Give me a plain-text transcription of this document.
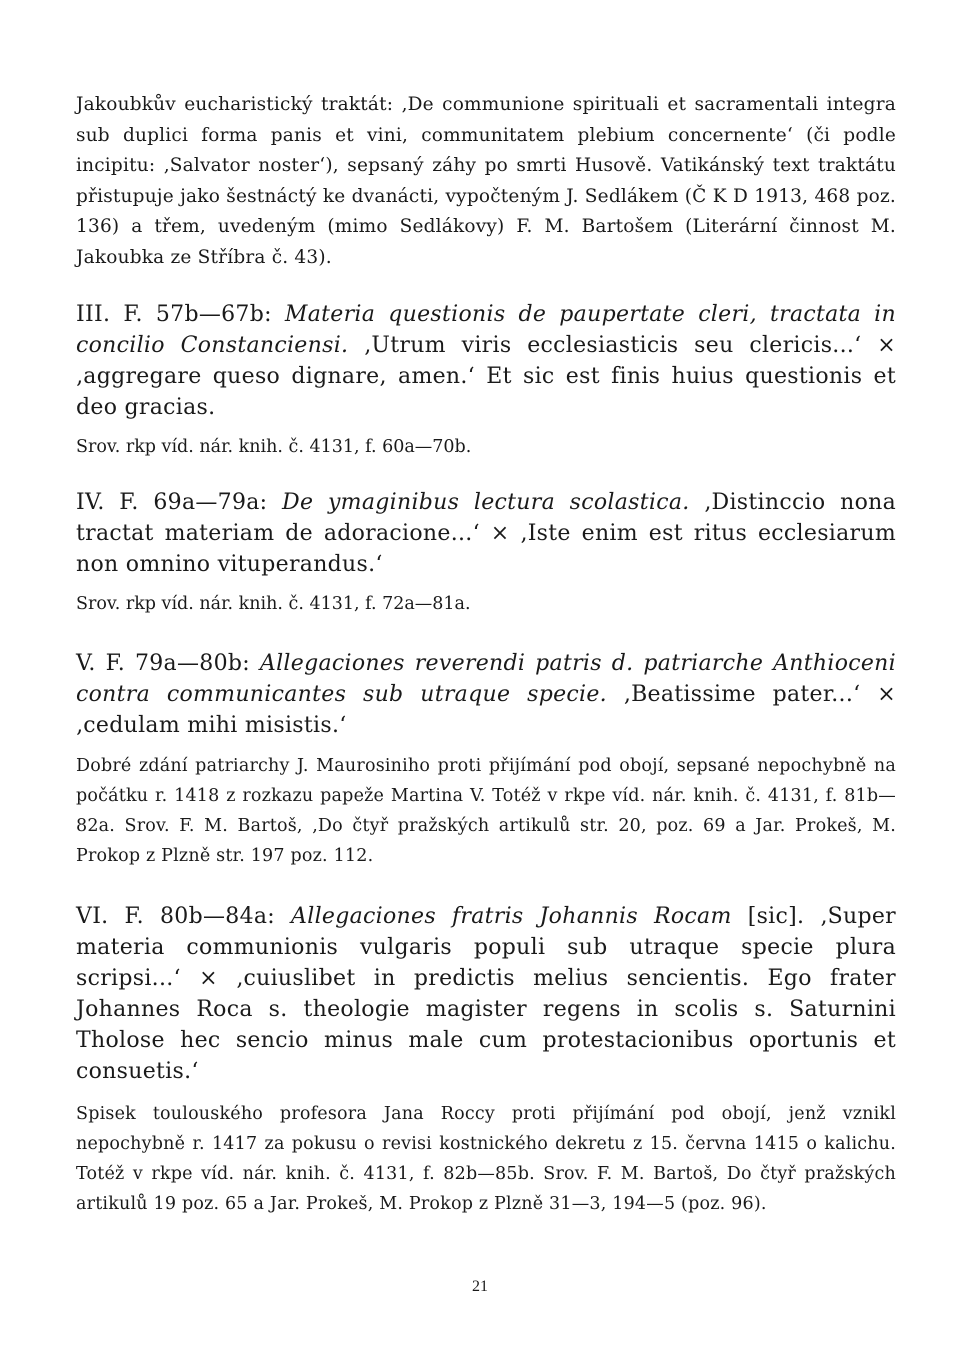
Jakoubkův eucharistický traktát: ‚De communione spirituali et sacramentali integra sub duplici forma panis et vini, communitatem plebium concernente‘ (či podle incipitu: ‚Salvator noster‘), sepsaný záhy po smrti Husově. Vatikánský text traktátu přistupuje jako šestnáctý ke dvanácti, vypočteným J. Sedlákem (Č K D 1913, 468 poz. 136) a třem, uvedeným (mimo Sedlákovy) F. M. Bartošem (Literární činnost M. Jakoubka ze Stříbra č. 43).

III. F. 57b—67b: Materia questionis de paupertate cleri, tractata in concilio Constanciensi. ‚Utrum viris ecclesiasticis seu clericis...‘ × ‚aggregare queso dignare, amen.‘ Et sic est finis huius questionis et deo gracias.

Srov. rkp víd. nár. knih. č. 4131, f. 60a—70b.

IV. F. 69a—79a: De ymaginibus lectura scolastica. ‚Distinccio nona tractat materiam de adoracione...‘ × ‚Iste enim est ritus ecclesiarum non omnino vituperandus.‘

Srov. rkp víd. nár. knih. č. 4131, f. 72a—81a.

V. F. 79a—80b: Allegaciones reverendi patris d. patriarche Anthioceni contra communicantes sub utraque specie. ‚Beatissime pater...‘ × ‚cedulam mihi misistis.‘

Dobré zdání patriarchy J. Maurosiniho proti přijímání pod obojí, sepsané nepochybně na počátku r. 1418 z rozkazu papeže Martina V. Totéž v rkpe víd. nár. knih. č. 4131, f. 81b—82a. Srov. F. M. Bartoš, ‚Do čtyř pražských artikulů str. 20, poz. 69 a Jar. Prokeš, M. Prokop z Plzně str. 197 poz. 112.

VI. F. 80b—84a: Allegaciones fratris Johannis Rocam [sic]. ‚Super materia communionis vulgaris populi sub utraque specie plura scripsi...‘ × ‚cuiuslibet in predictis melius sencientis. Ego frater Johannes Roca s. theologie magister regens in scolis s. Saturnini Tholose hec sencio minus male cum protestacionibus oportunis et consuetis.‘

Spisek toulouského profesora Jana Roccy proti přijímání pod obojí, jenž vznikl nepochybně r. 1417 za pokusu o revisi kostnického dekretu z 15. června 1415 o kalichu. Totéž v rkpe víd. nár. knih. č. 4131, f. 82b—85b. Srov. F. M. Bartoš, Do čtyř pražských artikulů 19 poz. 65 a Jar. Prokeš, M. Prokop z Plzně 31—3, 194—5 (poz. 96).

21
